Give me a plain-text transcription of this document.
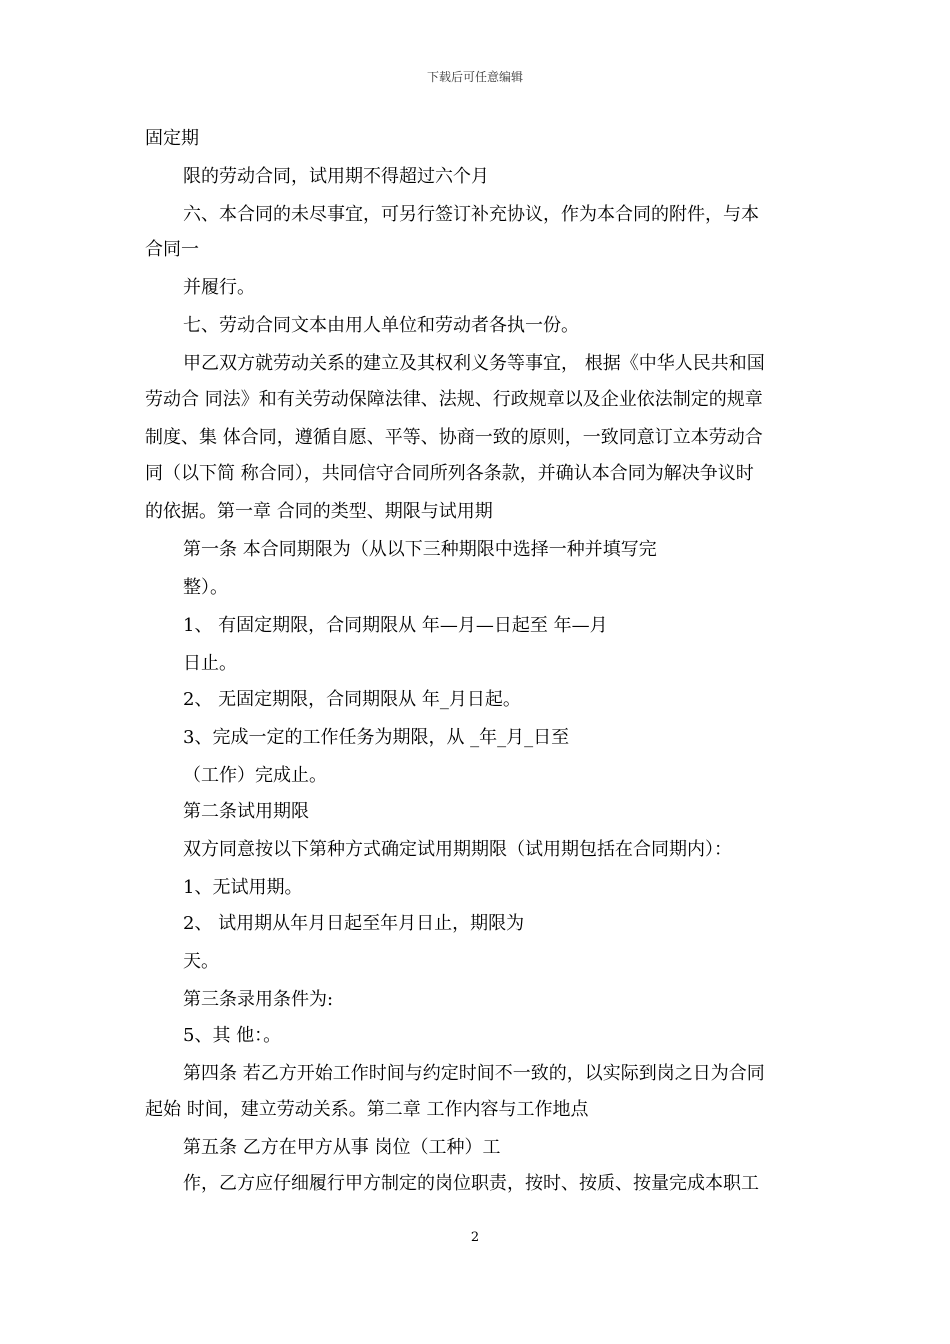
下载后可任意编辑
固定期
限的劳动合同，试用期不得超过六个月
六、本合同的未尽事宜，可另行签订补充协议，作为本合同的附件，与本
合同一
并履行。
七、劳动合同文本由用人单位和劳动者各执一份。
甲乙双方就劳动关系的建立及其权利义务等事宜， 根据《中华人民共和国
劳动合 同法》和有关劳动保障法律、法规、行政规章以及企业依法制定的规章
制度、集 体合同，遵循自愿、平等、协商一致的原则，一致同意订立本劳动合
同（以下简 称合同），共同信守合同所列各条款，并确认本合同为解决争议时
的依据。第一章 合同的类型、期限与试用期
第一条 本合同期限为（从以下三种期限中选择一种并填写完
整）。
1、 有固定期限，合同期限从 年—月—日起至 年—月
日止。
2、 无固定期限，合同期限从 年_月日起。
3、完成一定的工作任务为期限，从 _年_月_日至
（工作）完成止。
第二条试用期限
双方同意按以下第种方式确定试用期期限（试用期包括在合同期内）：
1、无试用期。
2、 试用期从年月日起至年月日止，期限为
天。
第三条录用条件为:
5、其 他：。
第四条 若乙方开始工作时间与约定时间不一致的，以实际到岗之日为合同
起始 时间，建立劳动关系。第二章 工作内容与工作地点
第五条 乙方在甲方从事 岗位（工种）工
作，乙方应仔细履行甲方制定的岗位职责，按时、按质、按量完成本职工
2
